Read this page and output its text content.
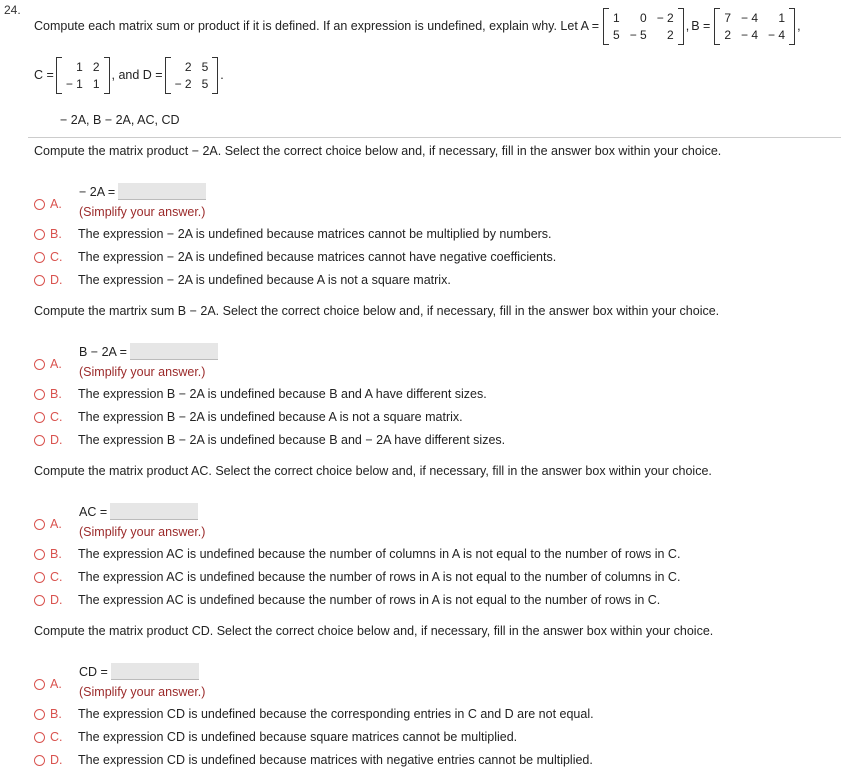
24.
Compute each matrix sum or product if it is defined. If an expression is undefined, explain why. Let A =
1	0 − 2
5 − 5	2
, B =
7 − 4	1
2 − 4 − 4
,
C =
1 2
− 1 1
, and D =
2 5
− 2 5
.
− 2A, B − 2A, AC, CD
Compute the matrix product − 2A. Select the correct choice below and, if necessary, fill in the answer box within your choice.
A.
− 2A =
(Simplify your answer.)
B.	The expression − 2A is undefined because matrices cannot be multiplied by numbers.
C.	The expression − 2A is undefined because matrices cannot have negative coefficients.
D.	The expression − 2A is undefined because A is not a square matrix.
Compute the martrix sum B − 2A. Select the correct choice below and, if necessary, fill in the answer box within your choice.
A.
B − 2A =
(Simplify your answer.)
B.	The expression B − 2A is undefined because B and A have different sizes.
C.	The expression B − 2A is undefined because A is not a square matrix.
D.	The expression B − 2A is undefined because B and − 2A have different sizes.
Compute the matrix product AC. Select the correct choice below and, if necessary, fill in the answer box within your choice.
A.
AC =
(Simplify your answer.)
B.	The expression AC is undefined because the number of columns in A is not equal to the number of rows in C.
C.	The expression AC is undefined because the number of rows in A is not equal to the number of columns in C.
D.	The expression AC is undefined because the number of rows in A is not equal to the number of rows in C.
Compute the matrix product CD. Select the correct choice below and, if necessary, fill in the answer box within your choice.
A.
CD =
(Simplify your answer.)
B.	The expression CD is undefined because the corresponding entries in C and D are not equal.
C.	The expression CD is undefined because square matrices cannot be multiplied.
D.	The expression CD is undefined because matrices with negative entries cannot be multiplied.
